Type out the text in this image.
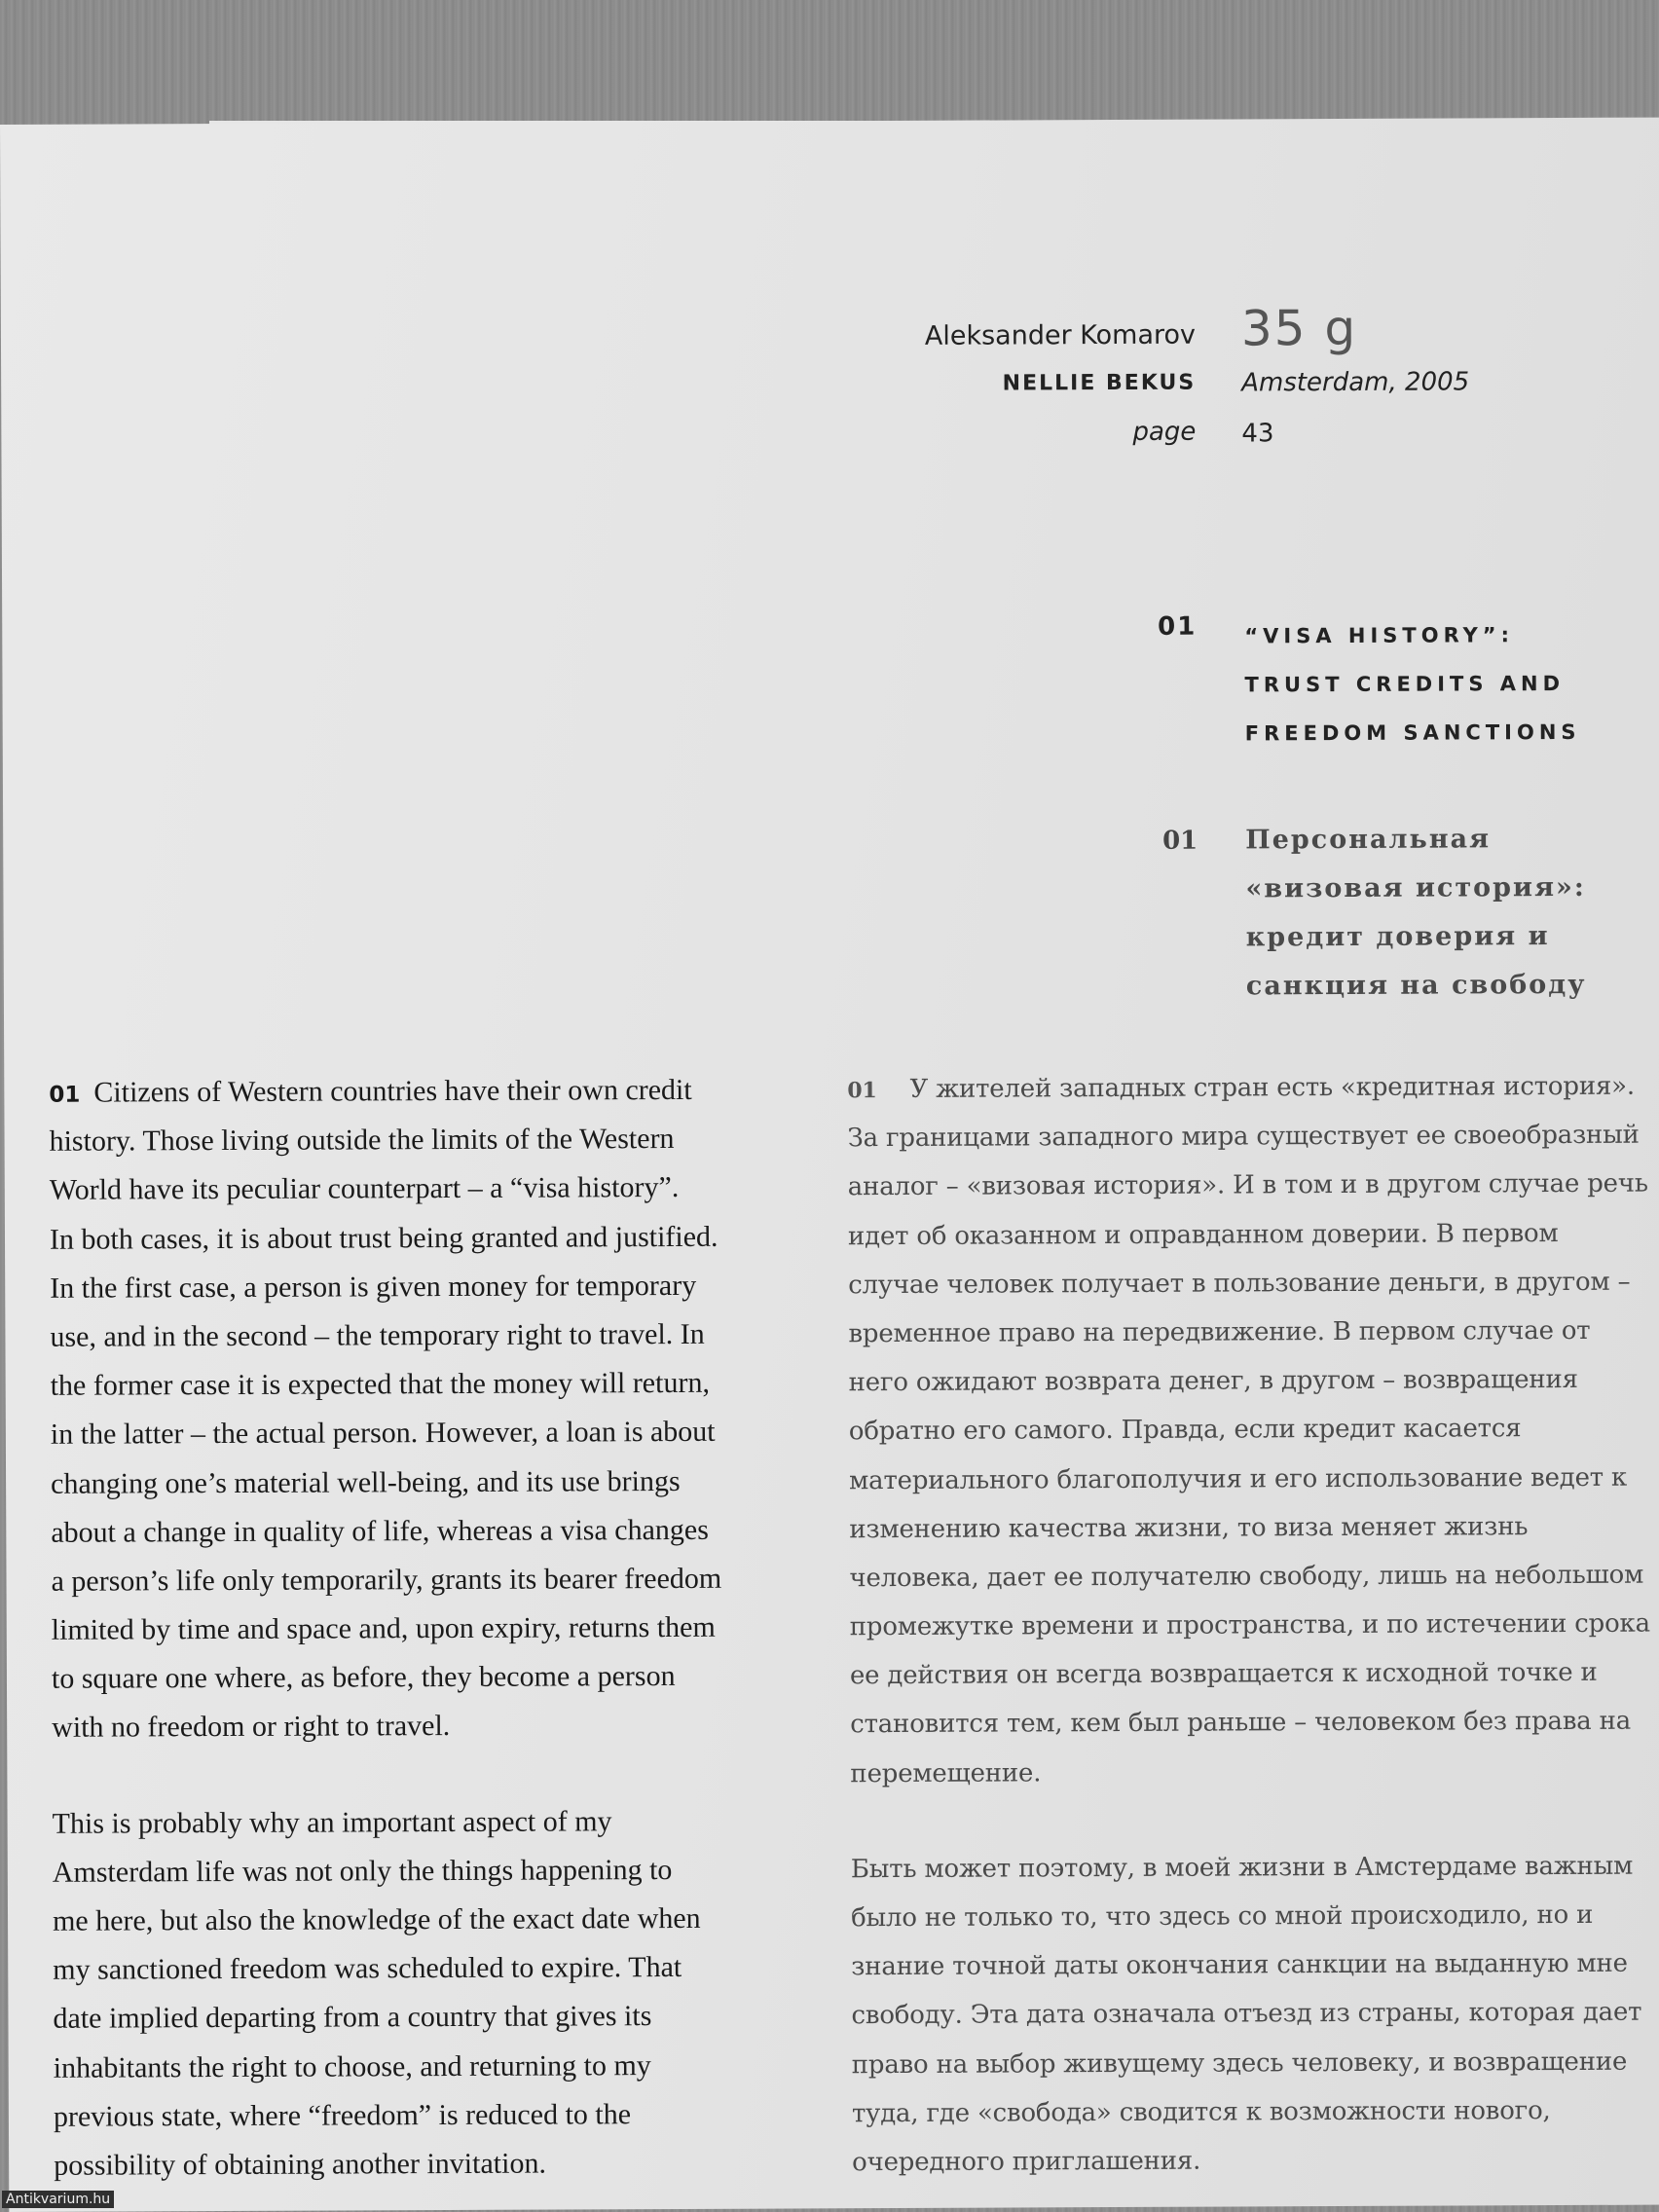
Aleksander Komarov
NELLIE BEKUS
page
35 g
Amsterdam, 2005
43
01 “VISA HISTORY”:
TRUST CREDITS AND
FREEDOM SANCTIONS
01 Персональная
«визовая история»:
кредит доверия и
санкция на свободу
01 Citizens of Western countries have their own credit
history. Those living outside the limits of the Western
World have its peculiar counterpart – a “visa history”.
In both cases, it is about trust being granted and justified.
In the first case, a person is given money for temporary
use, and in the second – the temporary right to travel. In
the former case it is expected that the money will return,
in the latter – the actual person. However, a loan is about
changing one’s material well-being, and its use brings
about a change in quality of life, whereas a visa changes
a person’s life only temporarily, grants its bearer freedom
limited by time and space and, upon expiry, returns them
to square one where, as before, they become a person
with no freedom or right to travel.
This is probably why an important aspect of my
Amsterdam life was not only the things happening to
me here, but also the knowledge of the exact date when
my sanctioned freedom was scheduled to expire. That
date implied departing from a country that gives its
inhabitants the right to choose, and returning to my
previous state, where “freedom” is reduced to the
possibility of obtaining another invitation.
01 У жителей западных стран есть «кредитная история».
За границами западного мира существует ее своеобразный
аналог – «визовая история». И в том и в другом случае речь
идет об оказанном и оправданном доверии. В первом
случае человек получает в пользование деньги, в другом –
временное право на передвижение. В первом случае от
него ожидают возврата денег, в другом – возвращения
обратно его самого. Правда, если кредит касается
материального благополучия и его использование ведет к
изменению качества жизни, то виза меняет жизнь
человека, дает ее получателю свободу, лишь на небольшом
промежутке времени и пространства, и по истечении срока
ее действия он всегда возвращается к исходной точке и
становится тем, кем был раньше – человеком без права на
перемещение.
Быть может поэтому, в моей жизни в Амстердаме важным
было не только то, что здесь со мной происходило, но и
знание точной даты окончания санкции на выданную мне
свободу. Эта дата означала отъезд из страны, которая дает
право на выбор живущему здесь человеку, и возвращение
туда, где «свобода» сводится к возможности нового,
очередного приглашения.
Antikvarium.hu
